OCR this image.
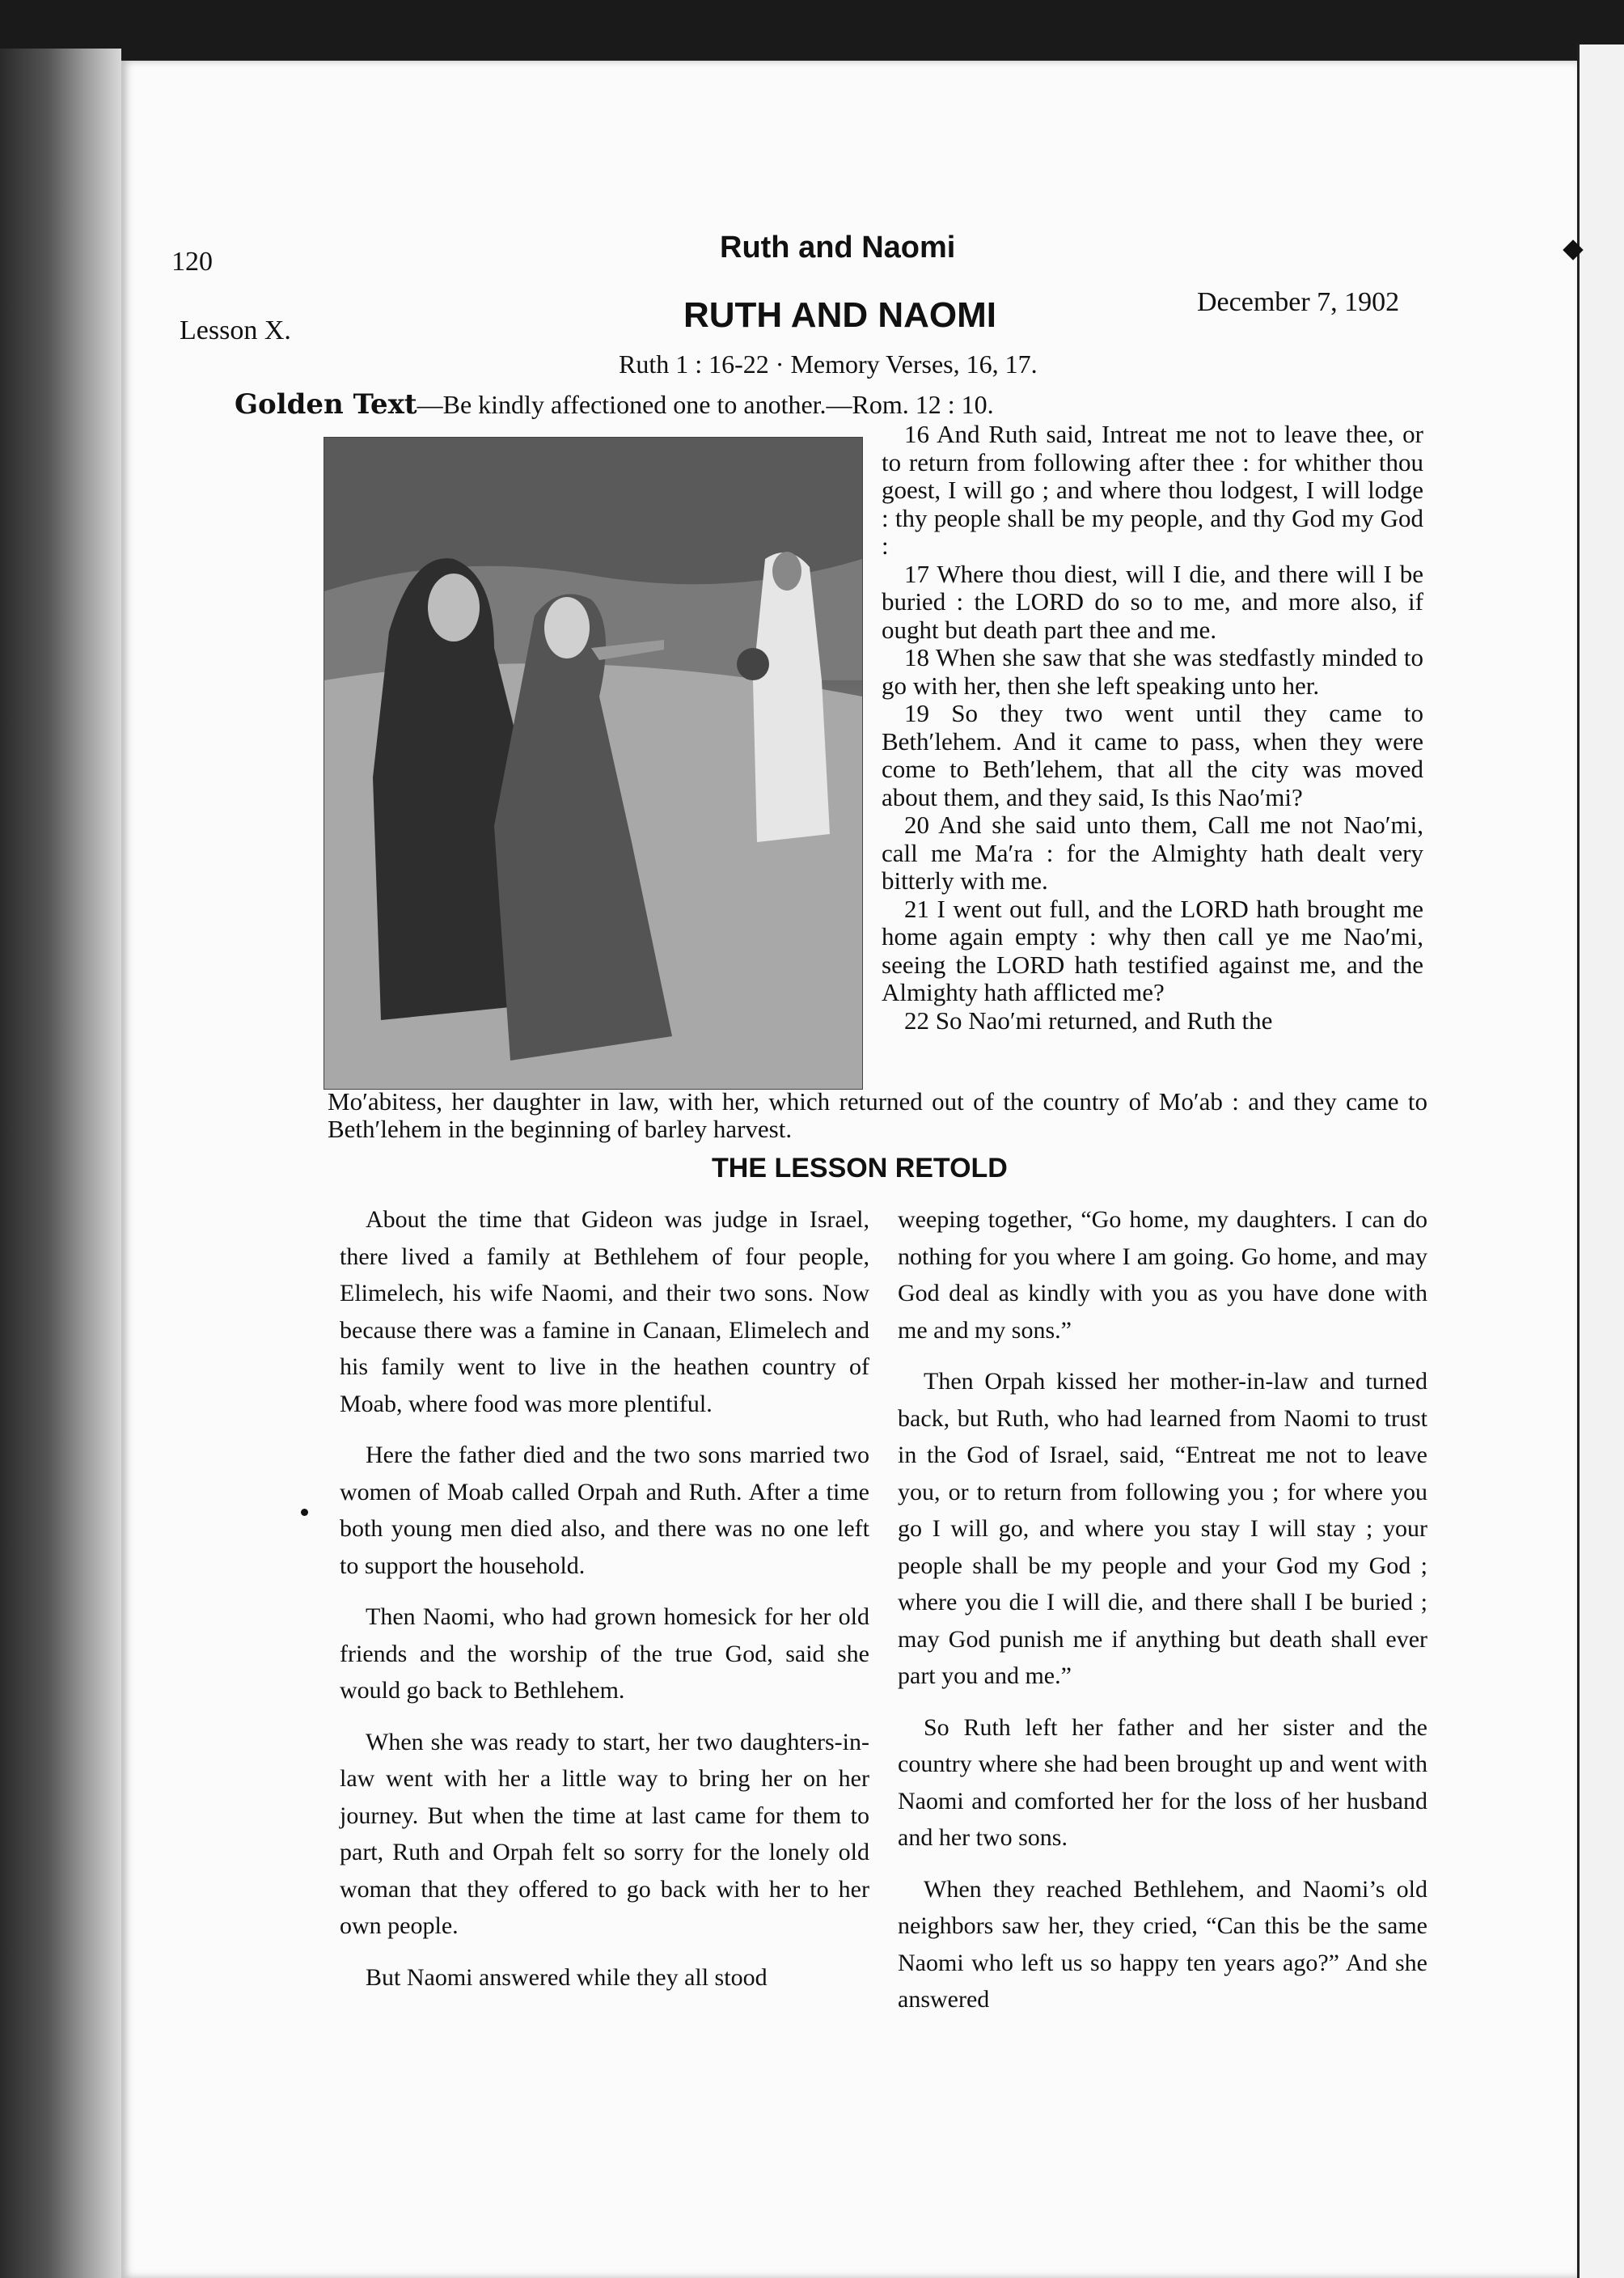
120	Ruth and Naomi
Lesson X.	RUTH AND NAOMI	December 7, 1902
Ruth 1 : 16-22 · Memory Verses, 16, 17.
Golden Text—Be kindly affectioned one to another.—Rom. 12 : 10.

16 And Ruth said, Intreat me not to leave thee, or to return from following after thee : for whither thou goest, I will go ; and where thou lodgest, I will lodge : thy people shall be my people, and thy God my God :

17 Where thou diest, will I die, and there will I be buried : the LORD do so to me, and more also, if ought but death part thee and me.

18 When she saw that she was stedfastly minded to go with her, then she left speaking unto her.

19 So they two went until they came to Beth′lehem. And it came to pass, when they were come to Beth′lehem, that all the city was moved about them, and they said, Is this Nao′mi?

20 And she said unto them, Call me not Nao′mi, call me Ma′ra : for the Almighty hath dealt very bitterly with me.

21 I went out full, and the LORD hath brought me home again empty : why then call ye me Nao′mi, seeing the LORD hath testified against me, and the Almighty hath afflicted me?

22 So Nao′mi returned, and Ruth the

Mo′abitess, her daughter in law, with her, which returned out of the country of Mo′ab : and they came to Beth′lehem in the beginning of barley harvest.

THE LESSON RETOLD

About the time that Gideon was judge in Israel, there lived a family at Bethlehem of four people, Elimelech, his wife Naomi, and their two sons. Now because there was a famine in Canaan, Elimelech and his family went to live in the heathen country of Moab, where food was more plentiful.

Here the father died and the two sons married two women of Moab called Orpah and Ruth. After a time both young men died also, and there was no one left to support the household.

Then Naomi, who had grown homesick for her old friends and the worship of the true God, said she would go back to Bethlehem.

When she was ready to start, her two daughters-in-law went with her a little way to bring her on her journey. But when the time at last came for them to part, Ruth and Orpah felt so sorry for the lonely old woman that they offered to go back with her to her own people.

But Naomi answered while they all stood

weeping together, “Go home, my daughters. I can do nothing for you where I am going. Go home, and may God deal as kindly with you as you have done with me and my sons.”

Then Orpah kissed her mother-in-law and turned back, but Ruth, who had learned from Naomi to trust in the God of Israel, said, “Entreat me not to leave you, or to return from following you ; for where you go I will go, and where you stay I will stay ; your people shall be my people and your God my God ; where you die I will die, and there shall I be buried ; may God punish me if anything but death shall ever part you and me.”

So Ruth left her father and her sister and the country where she had been brought up and went with Naomi and comforted her for the loss of her husband and her two sons.

When they reached Bethlehem, and Naomi’s old neighbors saw her, they cried, “Can this be the same Naomi who left us so happy ten years ago?” And she answered
